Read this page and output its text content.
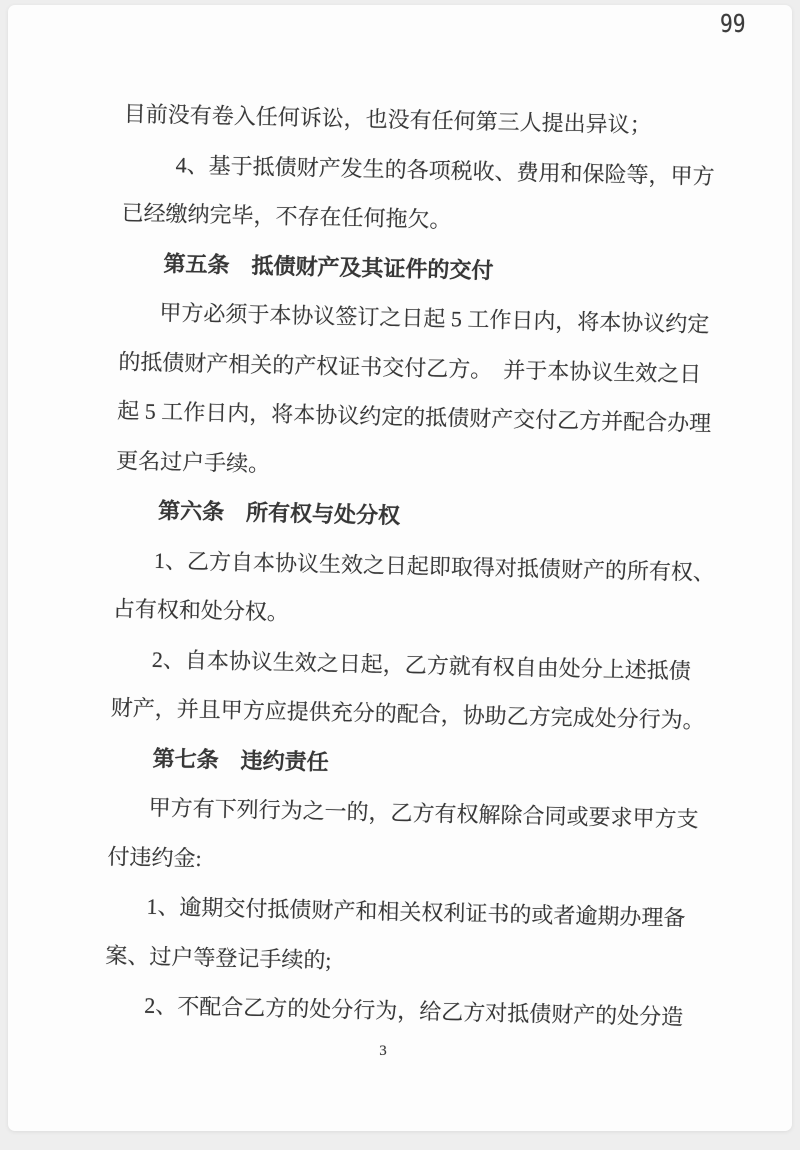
99
目前没有卷入任何诉讼，也没有任何第三人提出异议；
4、基于抵债财产发生的各项税收、费用和保险等，甲方
已经缴纳完毕，不存在任何拖欠。
第五条　抵债财产及其证件的交付
甲方必须于本协议签订之日起 5 工作日内，将本协议约定
的抵债财产相关的产权证书交付乙方。　并于本协议生效之日
起 5 工作日内，将本协议约定的抵债财产交付乙方并配合办理
更名过户手续。
第六条　所有权与处分权
1、乙方自本协议生效之日起即取得对抵债财产的所有权、
占有权和处分权。
2、自本协议生效之日起，乙方就有权自由处分上述抵债
财产，并且甲方应提供充分的配合，协助乙方完成处分行为。
第七条　违约责任
甲方有下列行为之一的，乙方有权解除合同或要求甲方支
付违约金:
1、逾期交付抵债财产和相关权利证书的或者逾期办理备
案、过户等登记手续的;
2、不配合乙方的处分行为，给乙方对抵债财产的处分造
3
